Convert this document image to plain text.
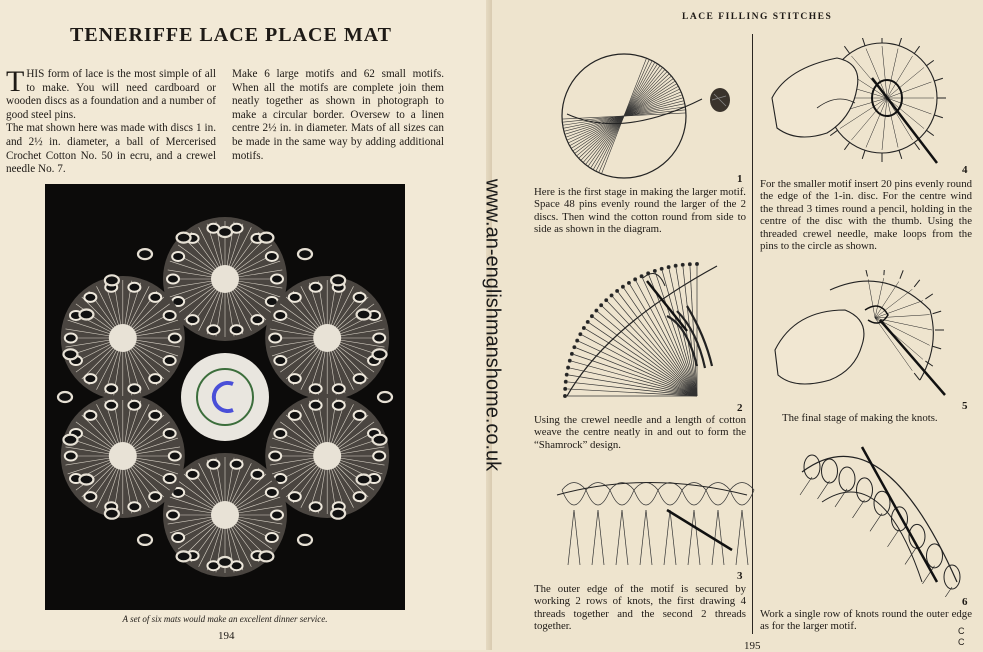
TENERIFFE LACE PLACE MAT

THIS form of lace is the most simple of all to make. You will need cardboard or wooden discs as a foundation and a number of good steel pins.

The mat shown here was made with discs 1 in. and 2½ in. diameter, a ball of Mercerised Crochet Cotton No. 50 in ecru, and a crewel needle No. 7.

Make 6 large motifs and 62 small motifs. When all the motifs are complete join them neatly together as shown in photograph to make a circular border. Oversew to a linen centre 2½ in. in diameter. Mats of all sizes can be made in the same way by adding additional motifs.

A set of six mats would make an excellent dinner service.
194
LACE FILLING STITCHES
1
Here is the first stage in making the larger motif. Space 48 pins evenly round the larger of the 2 discs. Then wind the cotton round from side to side as shown in the diagram.
2
Using the crewel needle and a length of cotton weave the centre neatly in and out to form the “Shamrock” design.
3
The outer edge of the motif is secured by working 2 rows of knots, the first drawing 4 threads together and the second 2 threads together.
4
For the smaller motif insert 20 pins evenly round the edge of the 1-in. disc. For the centre wind the thread 3 times round a pencil, holding in the centre of the disc with the thumb. Using the threaded crewel needle, make loops from the pins to the circle as shown.
5
The final stage of making the knots.
6
Work a single row of knots round the outer edge as for the larger motif.
195
www.an-englishmanshome.co.uk
C
C
